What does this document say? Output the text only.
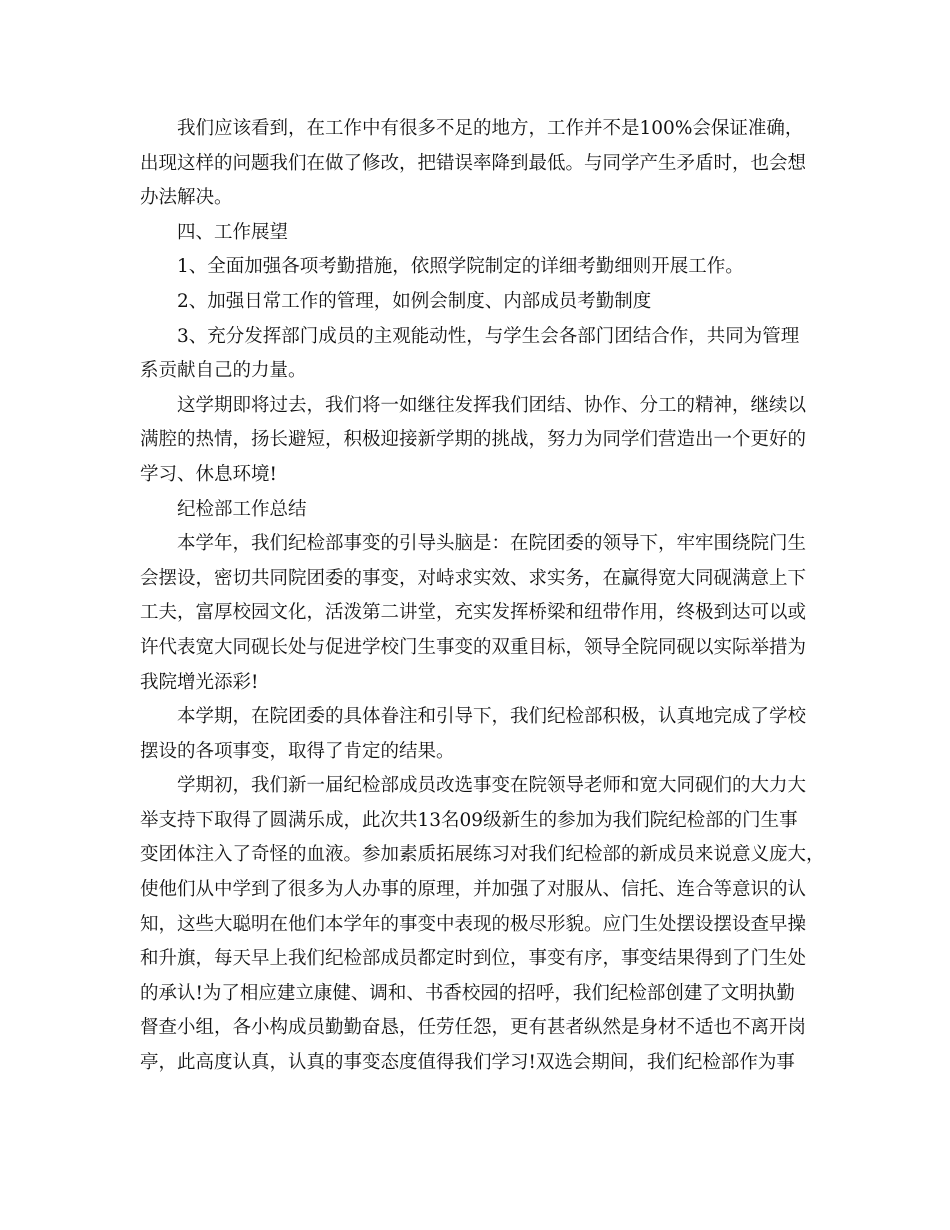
我们应该看到，在工作中有很多不足的地方，工作并不是100%会保证准确，
出现这样的问题我们在做了修改，把错误率降到最低。与同学产生矛盾时，也会想
办法解决。
四、工作展望
1、全面加强各项考勤措施，依照学院制定的详细考勤细则开展工作。
2、加强日常工作的管理，如例会制度、内部成员考勤制度
3、充分发挥部门成员的主观能动性，与学生会各部门团结合作，共同为管理
系贡献自己的力量。
这学期即将过去，我们将一如继往发挥我们团结、协作、分工的精神，继续以
满腔的热情，扬长避短，积极迎接新学期的挑战，努力为同学们营造出一个更好的
学习、休息环境!
纪检部工作总结
本学年，我们纪检部事变的引导头脑是：在院团委的领导下，牢牢围绕院门生
会摆设，密切共同院团委的事变，对峙求实效、求实务，在赢得宽大同砚满意上下
工夫，富厚校园文化，活泼第二讲堂，充实发挥桥梁和纽带作用，终极到达可以或
许代表宽大同砚长处与促进学校门生事变的双重目标，领导全院同砚以实际举措为
我院增光添彩!
本学期，在院团委的具体眷注和引导下，我们纪检部积极，认真地完成了学校
摆设的各项事变，取得了肯定的结果。
学期初，我们新一届纪检部成员改选事变在院领导老师和宽大同砚们的大力大
举支持下取得了圆满乐成，此次共13名09级新生的参加为我们院纪检部的门生事
变团体注入了奇怪的血液。参加素质拓展练习对我们纪检部的新成员来说意义庞大，
使他们从中学到了很多为人办事的原理，并加强了对服从、信托、连合等意识的认
知，这些大聪明在他们本学年的事变中表现的极尽形貌。应门生处摆设摆设查早操
和升旗，每天早上我们纪检部成员都定时到位，事变有序，事变结果得到了门生处
的承认!为了相应建立康健、调和、书香校园的招呼，我们纪检部创建了文明执勤
督查小组，各小构成员勤勤奋恳，任劳任怨，更有甚者纵然是身材不适也不离开岗
亭，此高度认真，认真的事变态度值得我们学习!双选会期间，我们纪检部作为事
